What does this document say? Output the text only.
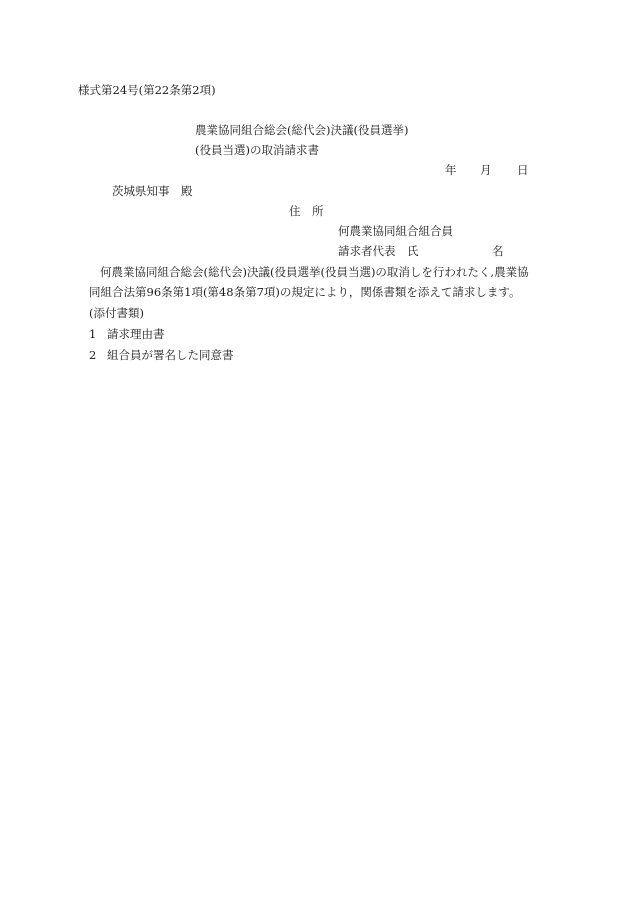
様式第24号(第22条第2項)
農業協同組合総会(総代会)決議(役員選挙)
(役員当選)の取消請求書
年 月 日
茨城県知事　殿
住　所
何農業協同組合組合員
請求者代表　氏	名
何農業協同組合総会(総代会)決議(役員選挙(役員当選)の取消しを行われたく,農業協
同組合法第96条第1項(第48条第7項)の規定により，関係書類を添えて請求します。
(添付書類)
1 請求理由書
2 組合員が署名した同意書
